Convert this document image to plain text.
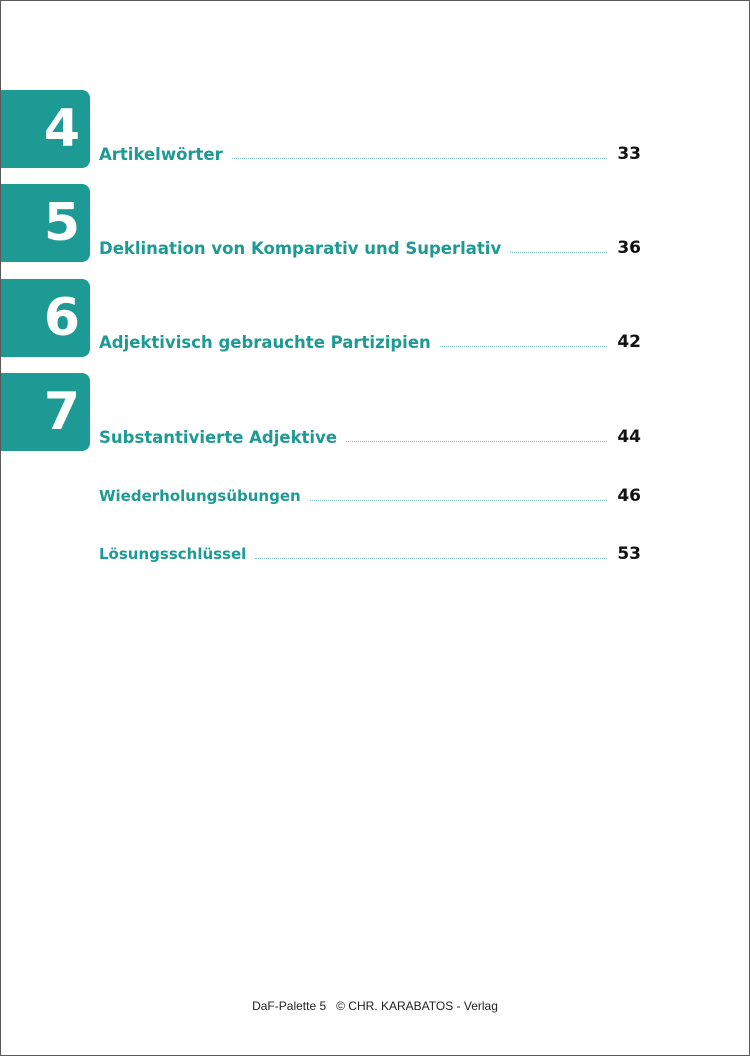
4	Artikelwörter	33
5	Deklination von Komparativ und Superlativ	36
6	Adjektivisch gebrauchte Partizipien	42
7	Substantivierte Adjektive	44
Wiederholungsübungen	46
Lösungsschlüssel	53
DaF-Palette 5   © CHR. KARABATOS - Verlag
